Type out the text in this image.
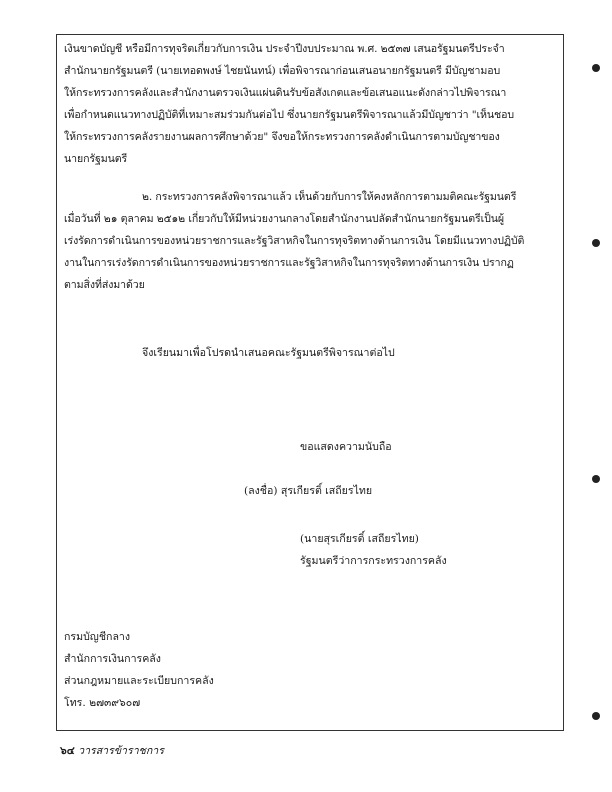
เงินขาดบัญชี หรือมีการทุจริตเกี่ยวกับการเงิน ประจำปีงบประมาณ พ.ศ. ๒๕๓๗ เสนอรัฐมนตรีประจำ
สำนักนายกรัฐมนตรี (นายเทอดพงษ์ ไชยนันทน์) เพื่อพิจารณาก่อนเสนอนายกรัฐมนตรี มีบัญชามอบ
ให้กระทรวงการคลังและสำนักงานตรวจเงินแผ่นดินรับข้อสังเกตและข้อเสนอแนะดังกล่าวไปพิจารณา
เพื่อกำหนดแนวทางปฏิบัติที่เหมาะสมร่วมกันต่อไป ซึ่งนายกรัฐมนตรีพิจารณาแล้วมีบัญชาว่า "เห็นชอบ
ให้กระทรวงการคลังรายงานผลการศึกษาด้วย" จึงขอให้กระทรวงการคลังดำเนินการตามบัญชาของ
นายกรัฐมนตรี
๒. กระทรวงการคลังพิจารณาแล้ว เห็นด้วยกับการให้คงหลักการตามมติคณะรัฐมนตรี
เมื่อวันที่ ๒๑ ตุลาคม ๒๕๑๒ เกี่ยวกับให้มีหน่วยงานกลางโดยสำนักงานปลัดสำนักนายกรัฐมนตรีเป็นผู้
เร่งรัดการดำเนินการของหน่วยราชการและรัฐวิสาหกิจในการทุจริตทางด้านการเงิน โดยมีแนวทางปฏิบัติ
งานในการเร่งรัดการดำเนินการของหน่วยราชการและรัฐวิสาหกิจในการทุจริตทางด้านการเงิน ปรากฏ
ตามสิ่งที่ส่งมาด้วย
จึงเรียนมาเพื่อโปรดนำเสนอคณะรัฐมนตรีพิจารณาต่อไป
ขอแสดงความนับถือ
(ลงชื่อ) สุรเกียรติ์ เสถียรไทย
(นายสุรเกียรติ์ เสถียรไทย)
รัฐมนตรีว่าการกระทรวงการคลัง
กรมบัญชีกลาง
สำนักการเงินการคลัง
ส่วนกฎหมายและระเบียบการคลัง
โทร. ๒๗๓๙๖๐๗
๖๔ วารสารข้าราชการ
